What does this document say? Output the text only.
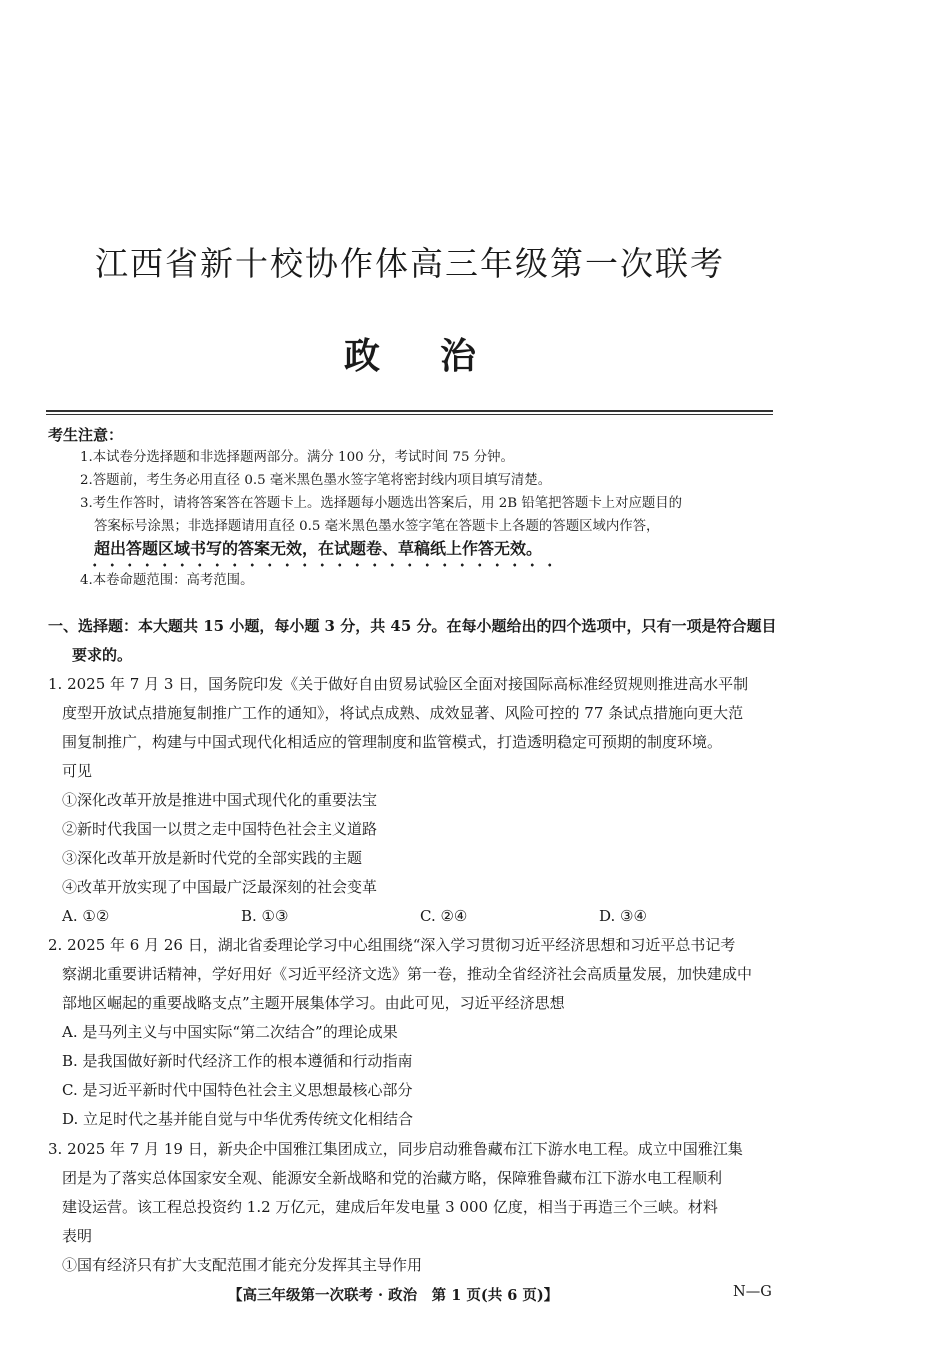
江西省新十校协作体高三年级第一次联考
政治
考生注意：
1.本试卷分选择题和非选择题两部分。满分 100 分，考试时间 75 分钟。
2.答题前，考生务必用直径 0.5 毫米黑色墨水签字笔将密封线内项目填写清楚。
3.考生作答时，请将答案答在答题卡上。选择题每小题选出答案后，用 2B 铅笔把答题卡上对应题目的
答案标号涂黑；非选择题请用直径 0.5 毫米黑色墨水签字笔在答题卡上各题的答题区域内作答，
超出答题区域书写的答案无效，在试题卷、草稿纸上作答无效。
4.本卷命题范围：高考范围。
一、选择题：本大题共 15 小题，每小题 3 分，共 45 分。在每小题给出的四个选项中，只有一项是符合题目
要求的。

1. 2025 年 7 月 3 日，国务院印发《关于做好自由贸易试验区全面对接国际高标准经贸规则推进高水平制

度型开放试点措施复制推广工作的通知》，将试点成熟、成效显著、风险可控的 77 条试点措施向更大范

围复制推广，构建与中国式现代化相适应的管理制度和监管模式，打造透明稳定可预期的制度环境。

可见

①深化改革开放是推进中国式现代化的重要法宝

②新时代我国一以贯之走中国特色社会主义道路

③深化改革开放是新时代党的全部实践的主题

④改革开放实现了中国最广泛最深刻的社会变革

A. ①②	B. ①③	C. ②④	D. ③④

2. 2025 年 6 月 26 日，湖北省委理论学习中心组围绕“深入学习贯彻习近平经济思想和习近平总书记考

察湖北重要讲话精神，学好用好《习近平经济文选》第一卷，推动全省经济社会高质量发展，加快建成中

部地区崛起的重要战略支点”主题开展集体学习。由此可见，习近平经济思想

A. 是马列主义与中国实际“第二次结合”的理论成果

B. 是我国做好新时代经济工作的根本遵循和行动指南

C. 是习近平新时代中国特色社会主义思想最核心部分

D. 立足时代之基并能自觉与中华优秀传统文化相结合

3. 2025 年 7 月 19 日，新央企中国雅江集团成立，同步启动雅鲁藏布江下游水电工程。成立中国雅江集

团是为了落实总体国家安全观、能源安全新战略和党的治藏方略，保障雅鲁藏布江下游水电工程顺利

建设运营。该工程总投资约 1.2 万亿元，建成后年发电量 3 000 亿度，相当于再造三个三峡。材料

表明

①国有经济只有扩大支配范围才能充分发挥其主导作用

【高三年级第一次联考 · 政治　第 1 页(共 6 页)】	N—G
